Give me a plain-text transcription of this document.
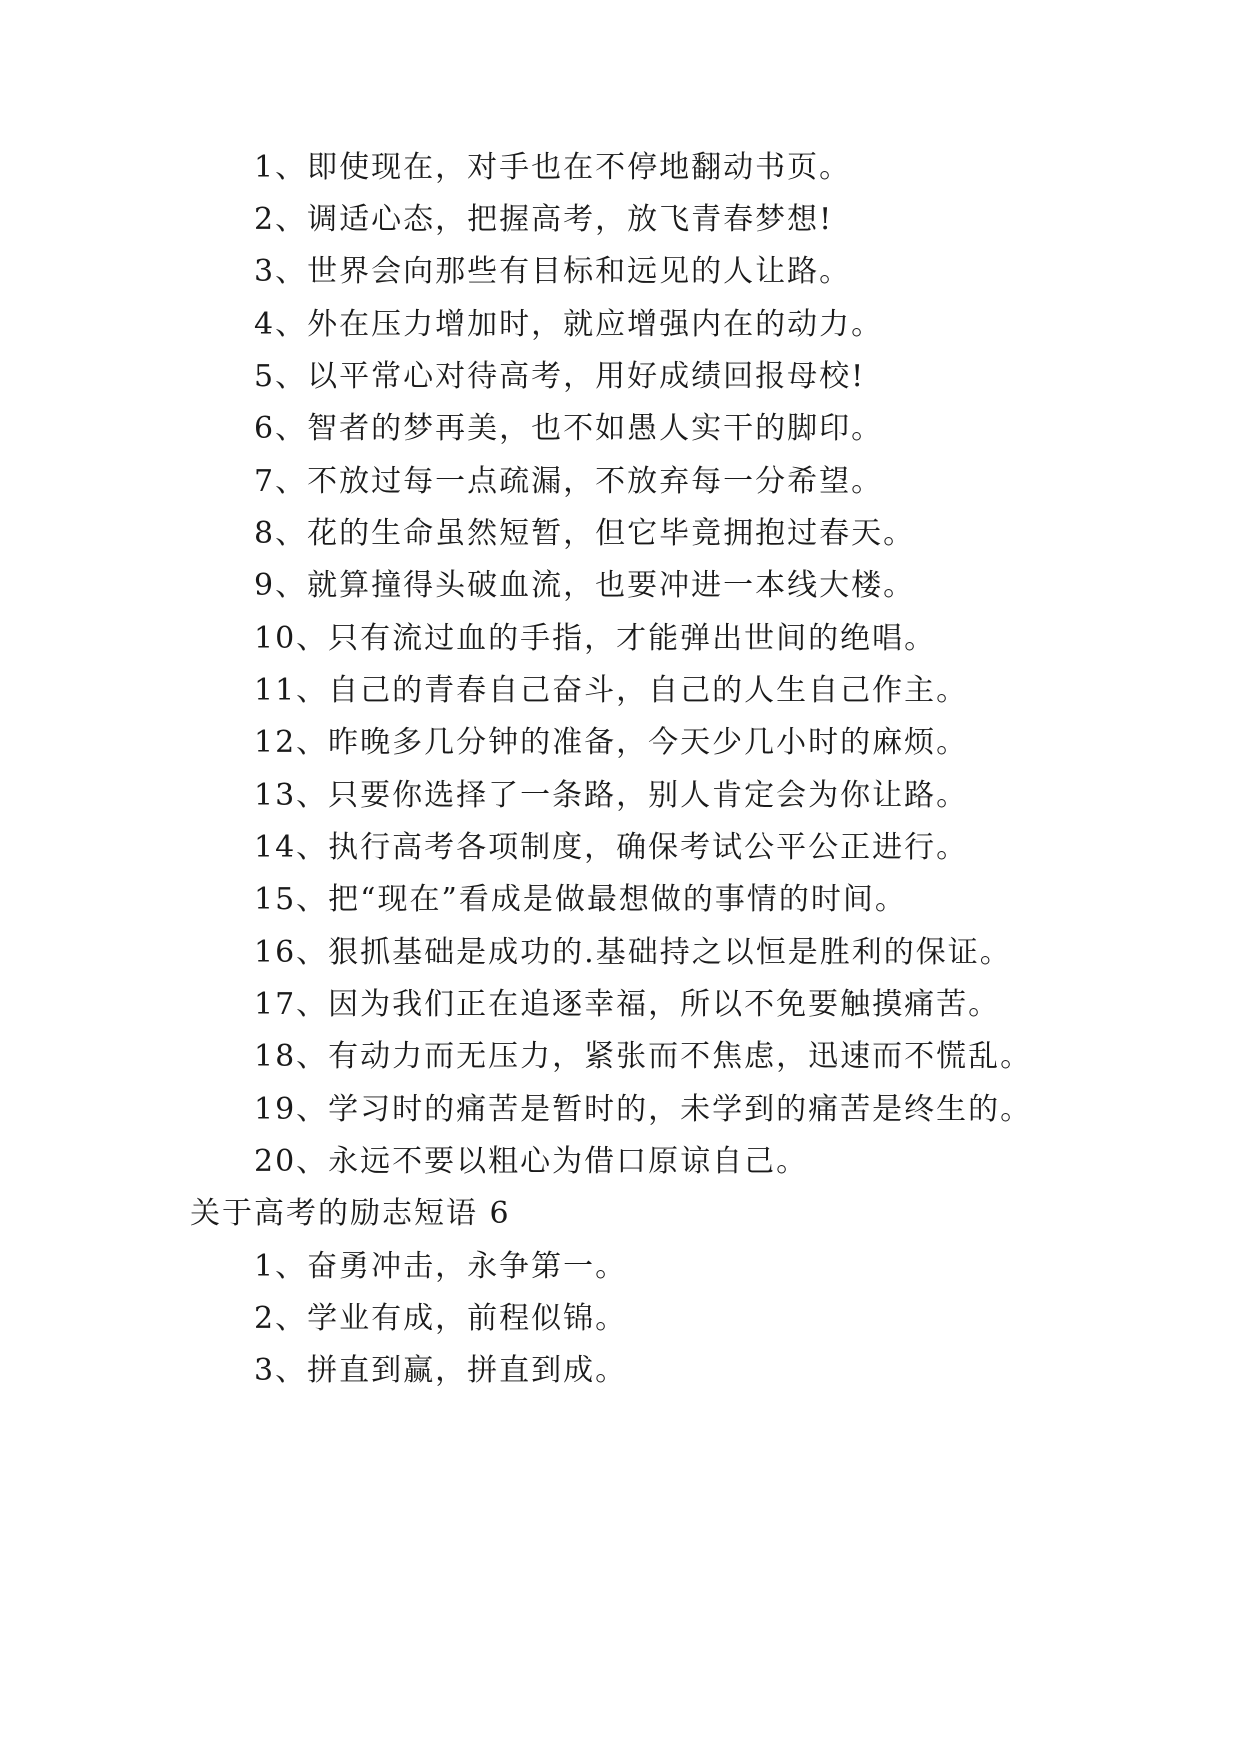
1、即使现在，对手也在不停地翻动书页。
2、调适心态，把握高考，放飞青春梦想!
3、世界会向那些有目标和远见的人让路。
4、外在压力增加时，就应增强内在的动力。
5、以平常心对待高考，用好成绩回报母校!
6、智者的梦再美，也不如愚人实干的脚印。
7、不放过每一点疏漏，不放弃每一分希望。
8、花的生命虽然短暂，但它毕竟拥抱过春天。
9、就算撞得头破血流，也要冲进一本线大楼。
10、只有流过血的手指，才能弹出世间的绝唱。
11、自己的青春自己奋斗，自己的人生自己作主。
12、昨晚多几分钟的准备，今天少几小时的麻烦。
13、只要你选择了一条路，别人肯定会为你让路。
14、执行高考各项制度，确保考试公平公正进行。
15、把“现在”看成是做最想做的事情的时间。
16、狠抓基础是成功的.基础持之以恒是胜利的保证。
17、因为我们正在追逐幸福，所以不免要触摸痛苦。
18、有动力而无压力，紧张而不焦虑，迅速而不慌乱。
19、学习时的痛苦是暂时的，未学到的痛苦是终生的。
20、永远不要以粗心为借口原谅自己。
关于高考的励志短语 6
1、奋勇冲击，永争第一。
2、学业有成，前程似锦。
3、拼直到赢，拼直到成。
